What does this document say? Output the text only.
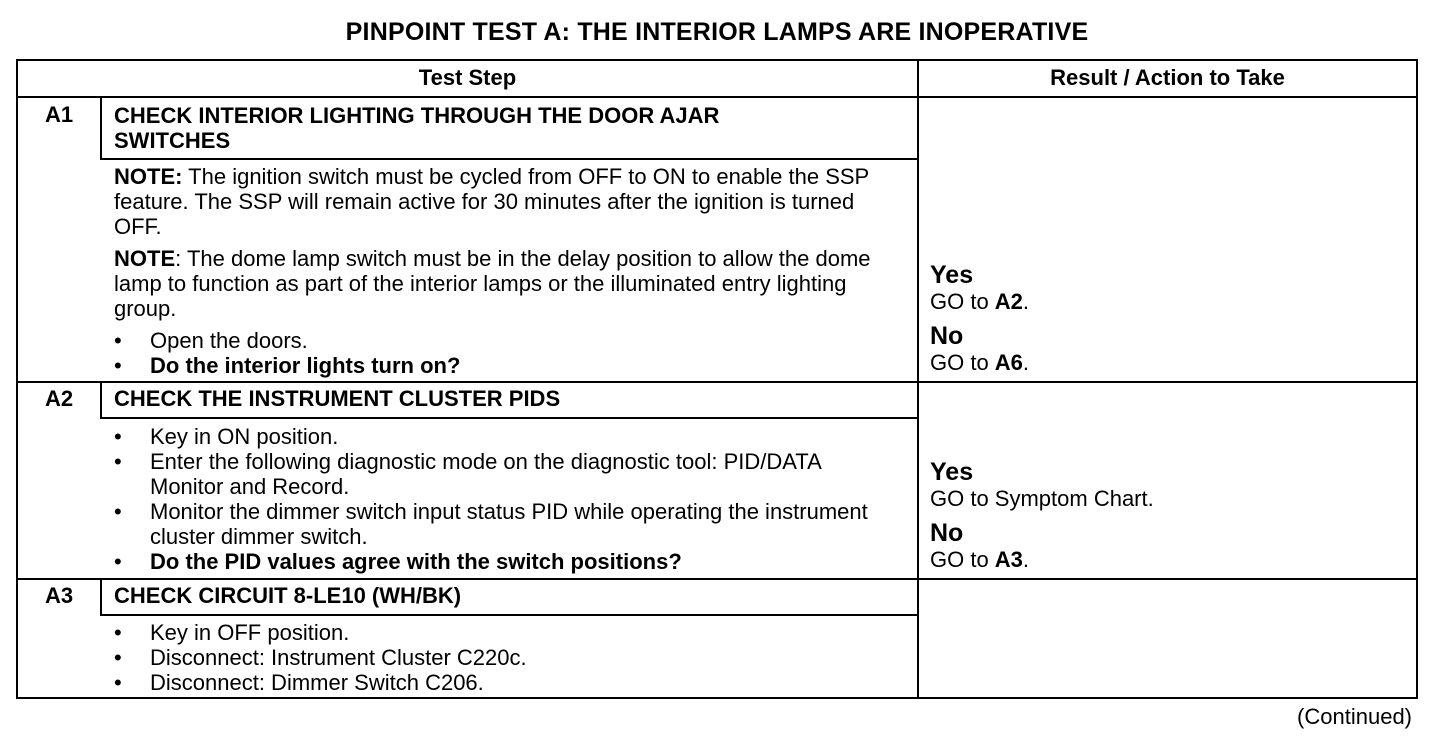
PINPOINT TEST A: THE INTERIOR LAMPS ARE INOPERATIVE
Test Step	Result / Action to Take
A1	CHECK INTERIOR LIGHTING THROUGH THE DOOR AJAR SWITCHES

NOTE: The ignition switch must be cycled from OFF to ON to enable the SSP feature. The SSP will remain active for 30 minutes after the ignition is turned OFF.

NOTE: The dome lamp switch must be in the delay position to allow the dome lamp to function as part of the interior lamps or the illuminated entry lighting group.

•	Open the doors.
•	Do the interior lights turn on?
Yes
GO to A2.
No
GO to A6.
A2	CHECK THE INSTRUMENT CLUSTER PIDS
•	Key in ON position.
•	Enter the following diagnostic mode on the diagnostic tool: PID/DATA Monitor and Record.
•	Monitor the dimmer switch input status PID while operating the instrument cluster dimmer switch.
•	Do the PID values agree with the switch positions?
Yes
GO to Symptom Chart.
No
GO to A3.
A3	CHECK CIRCUIT 8-LE10 (WH/BK)
•	Key in OFF position.
•	Disconnect: Instrument Cluster C220c.
•	Disconnect: Dimmer Switch C206.
(Continued)
